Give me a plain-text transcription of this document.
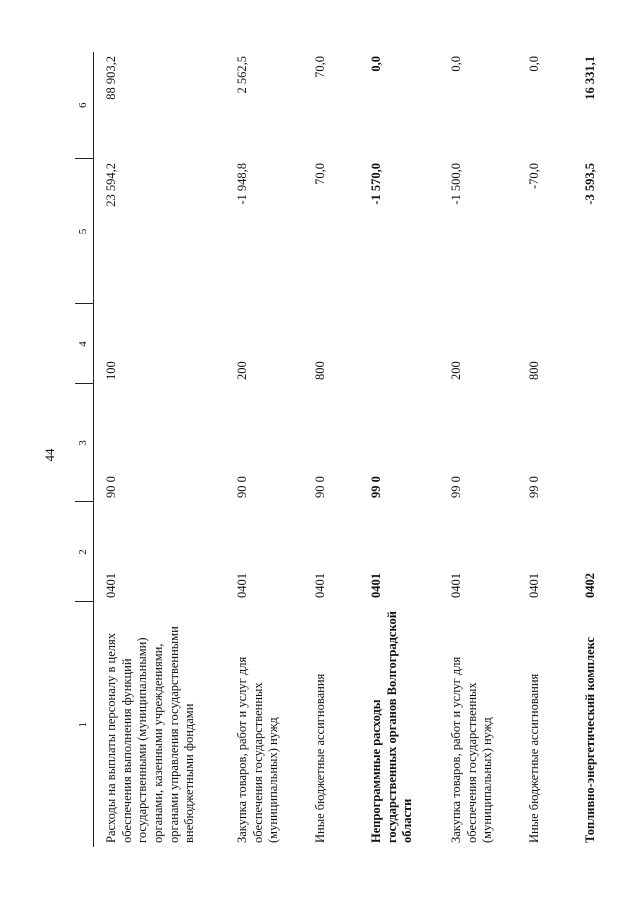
44
1	2	3	4	5	6
Расходы на выплаты персоналу в целях обеспечения выполнения функций государственными (муниципальными) органами, казенными учреждениями, органами управления государственными внебюджетными фондами	0401	90 0	100	23 594,2	88 903,2
Закупка товаров, работ и услуг для обеспечения государственных (муниципальных) нужд	0401	90 0	200	-1 948,8	2 562,5
Иные бюджетные ассигнования	0401	90 0	800	70,0	70,0
Непрограммные расходы государственных органов Волгоградской области	0401	99 0		-1 570,0	0,0
Закупка товаров, работ и услуг для обеспечения государственных (муниципальных) нужд	0401	99 0	200	-1 500,0	0,0
Иные бюджетные ассигнования	0401	99 0	800	-70,0	0,0
Топливно-энергетический комплекс	0402			-3 593,5	16 331,1
